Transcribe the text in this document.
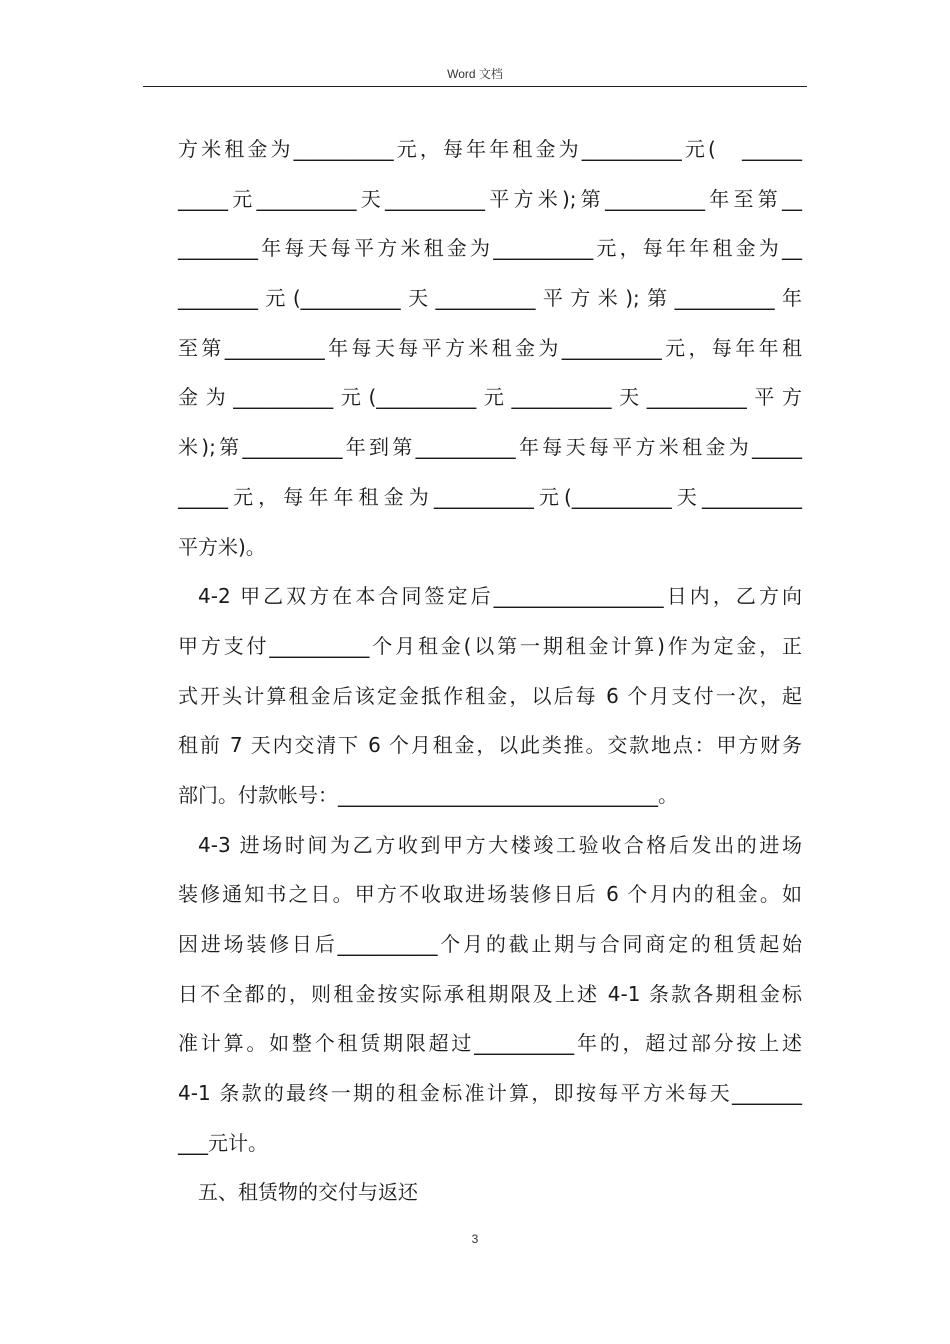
Word 文档
方米租金为__________元，每年年租金为__________元(　______
_____元__________天__________平方米);第__________年至第__
________年每天每平方米租金为__________元，每年年租金为__
________元(__________天__________平方米);第__________年
至第__________年每天每平方米租金为__________元，每年年租
金为__________元(__________元__________天__________平方
米);第__________年到第__________年每天每平方米租金为_____
_____元，每年年租金为__________元(__________天__________
平方米)。
4-2 甲乙双方在本合同签定后_________________日内，乙方向
甲方支付__________个月租金(以第一期租金计算)作为定金，正
式开头计算租金后该定金抵作租金，以后每 6 个月支付一次，起
租前 7 天内交清下 6 个月租金，以此类推。交款地点：甲方财务
部门。付款帐号：________________________________。
4-3 进场时间为乙方收到甲方大楼竣工验收合格后发出的进场
装修通知书之日。甲方不收取进场装修日后 6 个月内的租金。如
因进场装修日后__________个月的截止期与合同商定的租赁起始
日不全都的，则租金按实际承租期限及上述 4-1 条款各期租金标
准计算。如整个租赁期限超过__________年的，超过部分按上述
4-1 条款的最终一期的租金标准计算，即按每平方米每天_______
___元计。
五、租赁物的交付与返还
3
